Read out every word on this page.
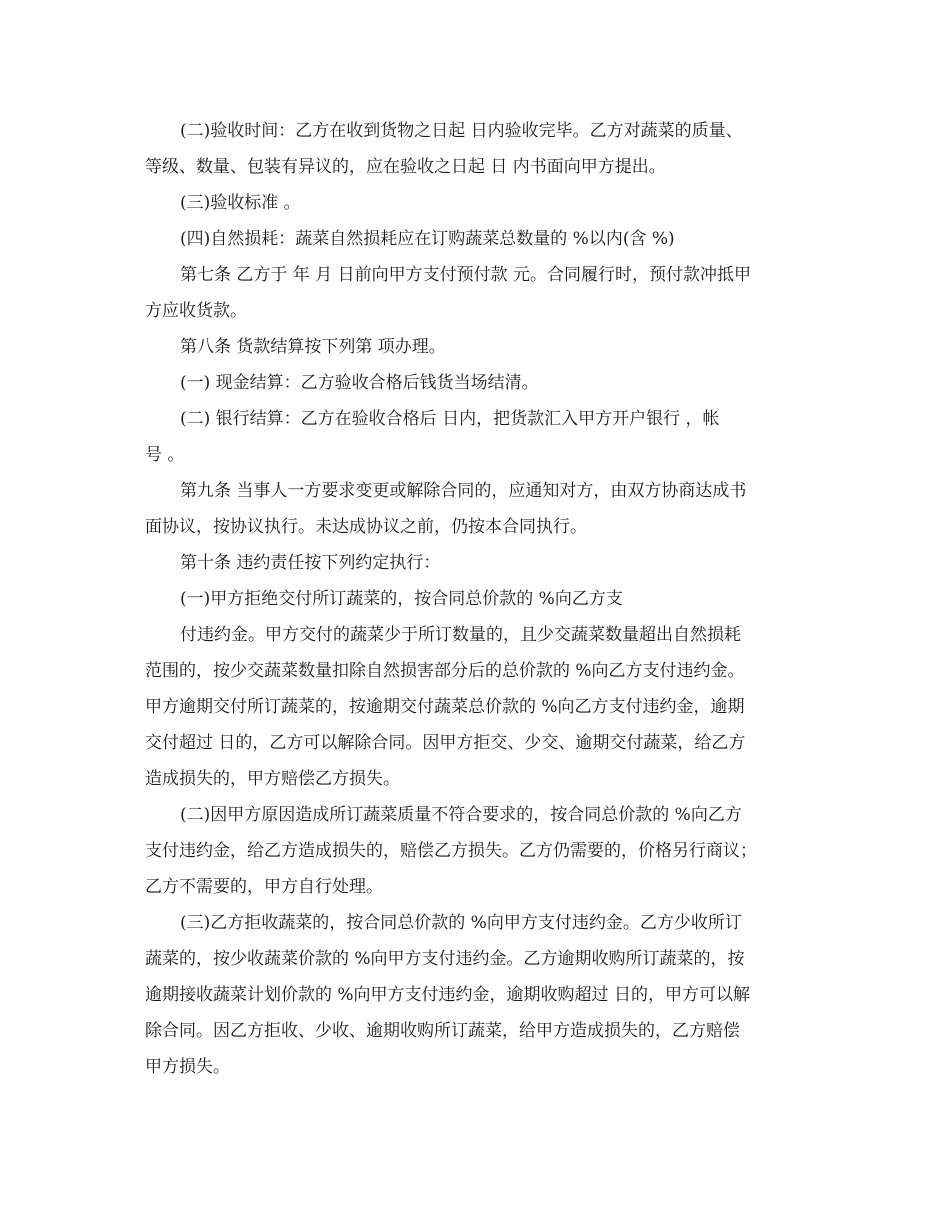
(二)验收时间：乙方在收到货物之日起 日内验收完毕。乙方对蔬菜的质量、
等级、数量、包装有异议的，应在验收之日起 日 内书面向甲方提出。

(三)验收标准 。

(四)自然损耗：蔬菜自然损耗应在订购蔬菜总数量的 %以内(含 %)

第七条 乙方于 年 月 日前向甲方支付预付款 元。合同履行时，预付款冲抵甲
方应收货款。

第八条 货款结算按下列第 项办理。

(一) 现金结算：乙方验收合格后钱货当场结清。

(二) 银行结算：乙方在验收合格后 日内，把货款汇入甲方开户银行 ，帐
号 。

第九条 当事人一方要求变更或解除合同的，应通知对方，由双方协商达成书
面协议，按协议执行。未达成协议之前，仍按本合同执行。

第十条 违约责任按下列约定执行：

(一)甲方拒绝交付所订蔬菜的，按合同总价款的 %向乙方支

付违约金。甲方交付的蔬菜少于所订数量的，且少交蔬菜数量超出自然损耗
范围的，按少交蔬菜数量扣除自然损害部分后的总价款的 %向乙方支付违约金。
甲方逾期交付所订蔬菜的，按逾期交付蔬菜总价款的 %向乙方支付违约金，逾期
交付超过 日的，乙方可以解除合同。因甲方拒交、少交、逾期交付蔬菜，给乙方
造成损失的，甲方赔偿乙方损失。

(二)因甲方原因造成所订蔬菜质量不符合要求的，按合同总价款的 %向乙方
支付违约金，给乙方造成损失的，赔偿乙方损失。乙方仍需要的，价格另行商议；
乙方不需要的，甲方自行处理。

(三)乙方拒收蔬菜的，按合同总价款的 %向甲方支付违约金。乙方少收所订
蔬菜的，按少收蔬菜价款的 %向甲方支付违约金。乙方逾期收购所订蔬菜的，按
逾期接收蔬菜计划价款的 %向甲方支付违约金，逾期收购超过 日的，甲方可以解
除合同。因乙方拒收、少收、逾期收购所订蔬菜，给甲方造成损失的，乙方赔偿
甲方损失。
